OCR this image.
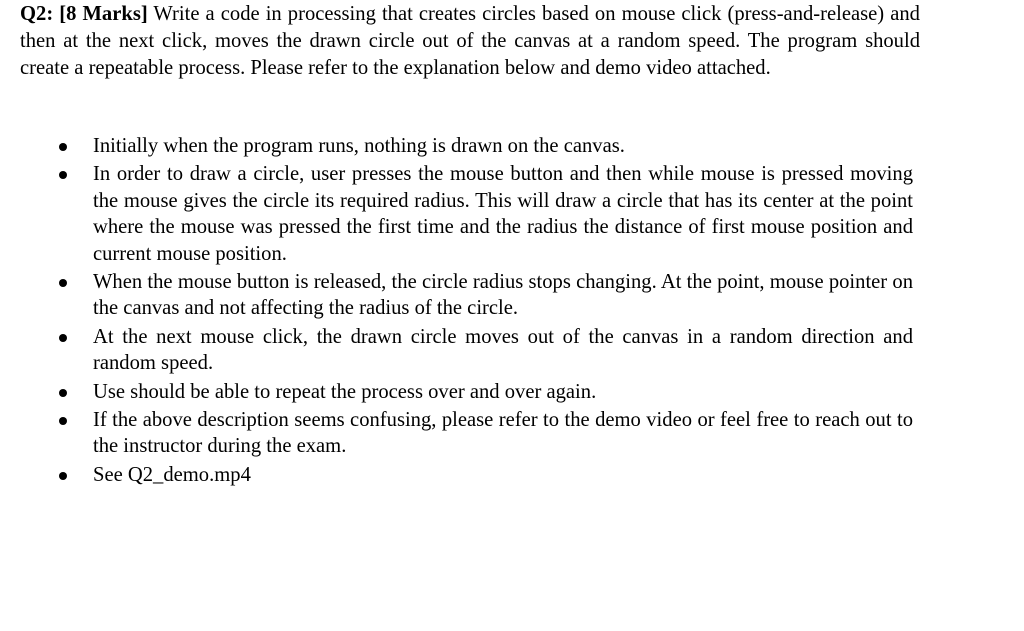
Q2: [8 Marks] Write a code in processing that creates circles based on mouse click (press-and-release) and then at the next click, moves the drawn circle out of the canvas at a random speed. The program should create a repeatable process. Please refer to the explanation below and demo video attached.

Initially when the program runs, nothing is drawn on the canvas.
In order to draw a circle, user presses the mouse button and then while mouse is pressed moving the mouse gives the circle its required radius. This will draw a circle that has its center at the point where the mouse was pressed the first time and the radius the distance of first mouse position and current mouse position.
When the mouse button is released, the circle radius stops changing. At the point, mouse pointer on the canvas and not affecting the radius of the circle.
At the next mouse click, the drawn circle moves out of the canvas in a random direction and random speed.
Use should be able to repeat the process over and over again.
If the above description seems confusing, please refer to the demo video or feel free to reach out to the instructor during the exam.
See Q2_demo.mp4
